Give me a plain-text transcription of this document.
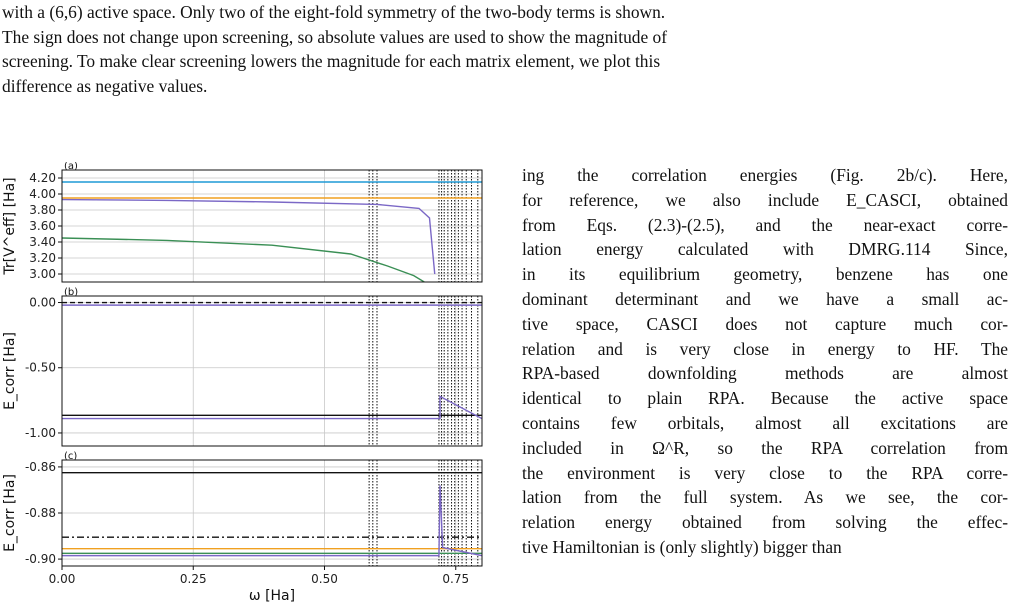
with a (6,6) active space. Only two of the eight-fold symmetry of the two-body terms is shown.
The sign does not change upon screening, so absolute values are used to show the magnitude of
screening. To make clear screening lowers the magnitude for each matrix element, we plot this
difference as negative values.
4.20
4.00
3.80
3.60
3.40
3.20
3.00
(a)
Tr[V^eff] [Ha]
0.00
-0.50
-1.00
(b)
E_corr [Ha]
-0.86
-0.88
-0.90
(c)
E_corr [Ha]
0.00	0.25	0.50	0.75
ω [Ha]
ing the correlation energies (Fig. 2b/c). Here,
for reference, we also include E_CASCI, obtained
from Eqs. (2.3)-(2.5), and the near-exact corre-
lation energy calculated with DMRG.114 Since,
in its equilibrium geometry, benzene has one
dominant determinant and we have a small ac-
tive space, CASCI does not capture much cor-
relation and is very close in energy to HF. The
RPA-based downfolding methods are almost
identical to plain RPA. Because the active space
contains few orbitals, almost all excitations are
included in Ω^R, so the RPA correlation from
the environment is very close to the RPA corre-
lation from the full system. As we see, the cor-
relation energy obtained from solving the effec-
tive Hamiltonian is (only slightly) bigger than
